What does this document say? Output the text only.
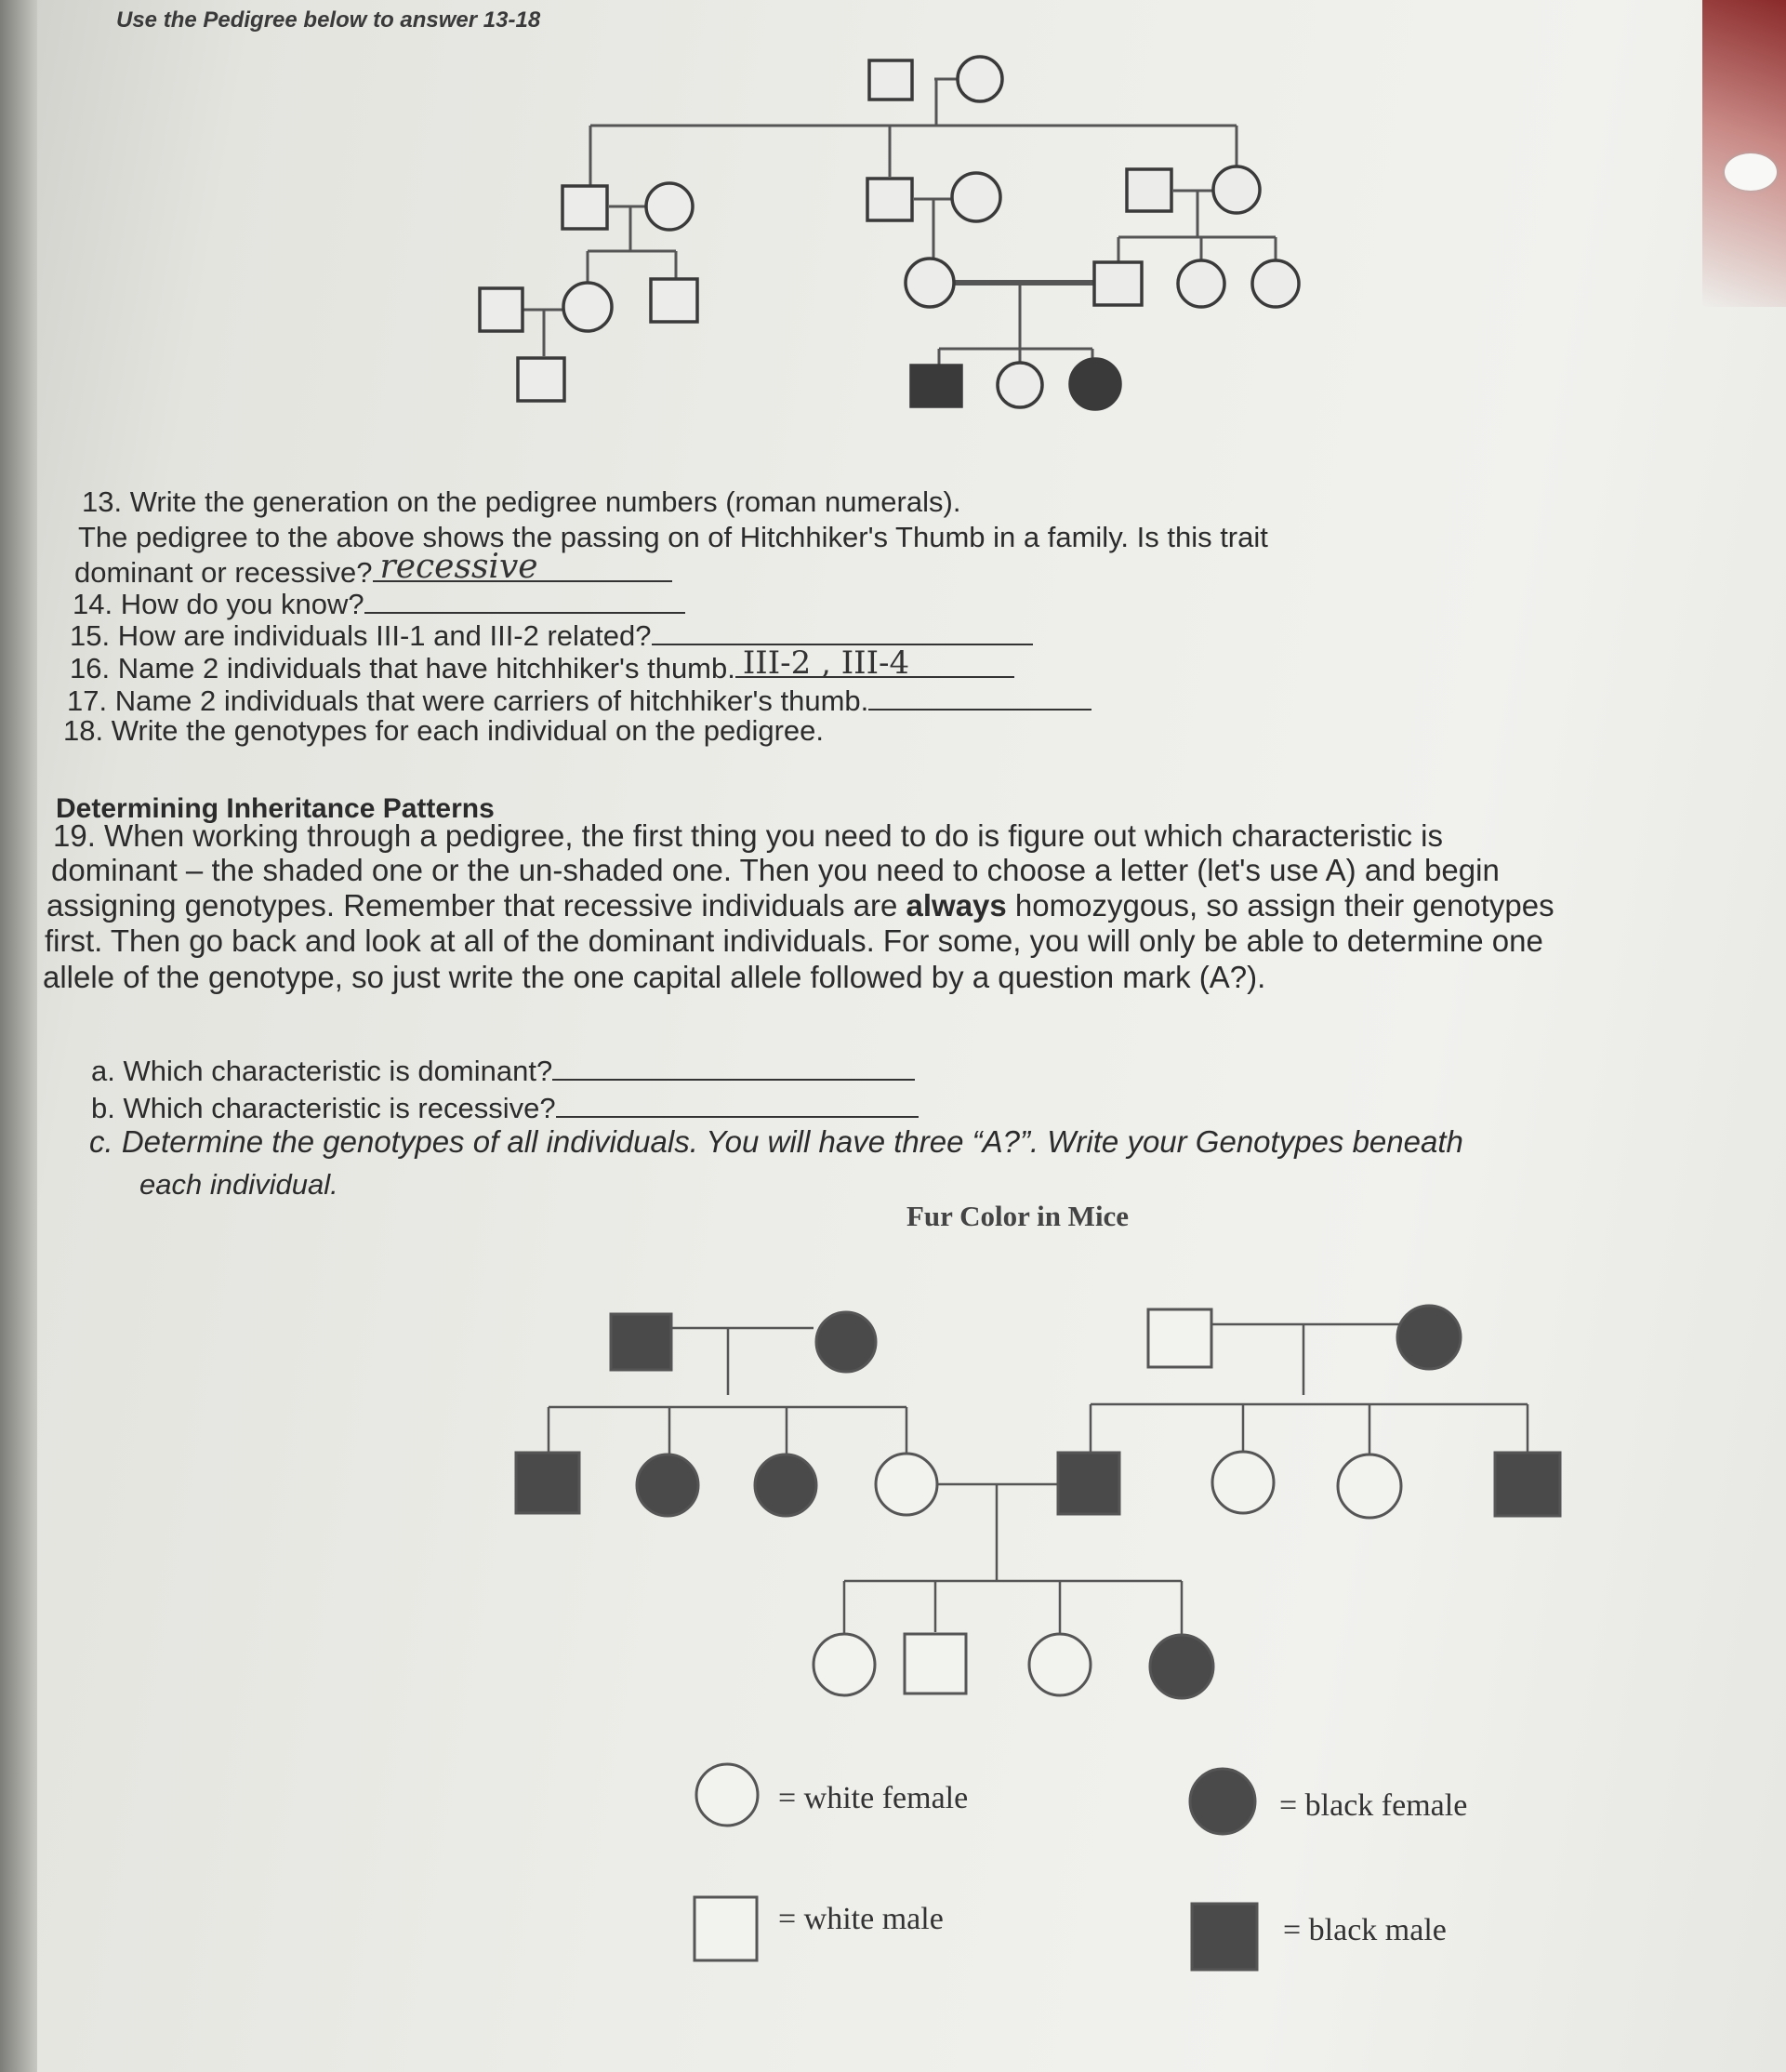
Use the Pedigree below to answer 13-18
13. Write the generation on the pedigree numbers (roman numerals).
The pedigree to the above shows the passing on of Hitchhiker's Thumb in a family. Is this trait
dominant or recessive? recessive
14. How do you know?
15. How are individuals III-1 and III-2 related?
16. Name 2 individuals that have hitchhiker's thumb. III-2 , III-4
17. Name 2 individuals that were carriers of hitchhiker's thumb.
18. Write the genotypes for each individual on the pedigree.
Determining Inheritance Patterns
19. When working through a pedigree, the first thing you need to do is figure out which characteristic is
dominant – the shaded one or the un-shaded one. Then you need to choose a letter (let's use A) and begin
assigning genotypes. Remember that recessive individuals are always homozygous, so assign their genotypes
first. Then go back and look at all of the dominant individuals. For some, you will only be able to determine one
allele of the genotype, so just write the one capital allele followed by a question mark (A?).
a. Which characteristic is dominant?
b. Which characteristic is recessive?
c. Determine the genotypes of all individuals. You will have three “A?”. Write your Genotypes beneath
each individual.
Fur Color in Mice
= white female	= black female
= white male	= black male
